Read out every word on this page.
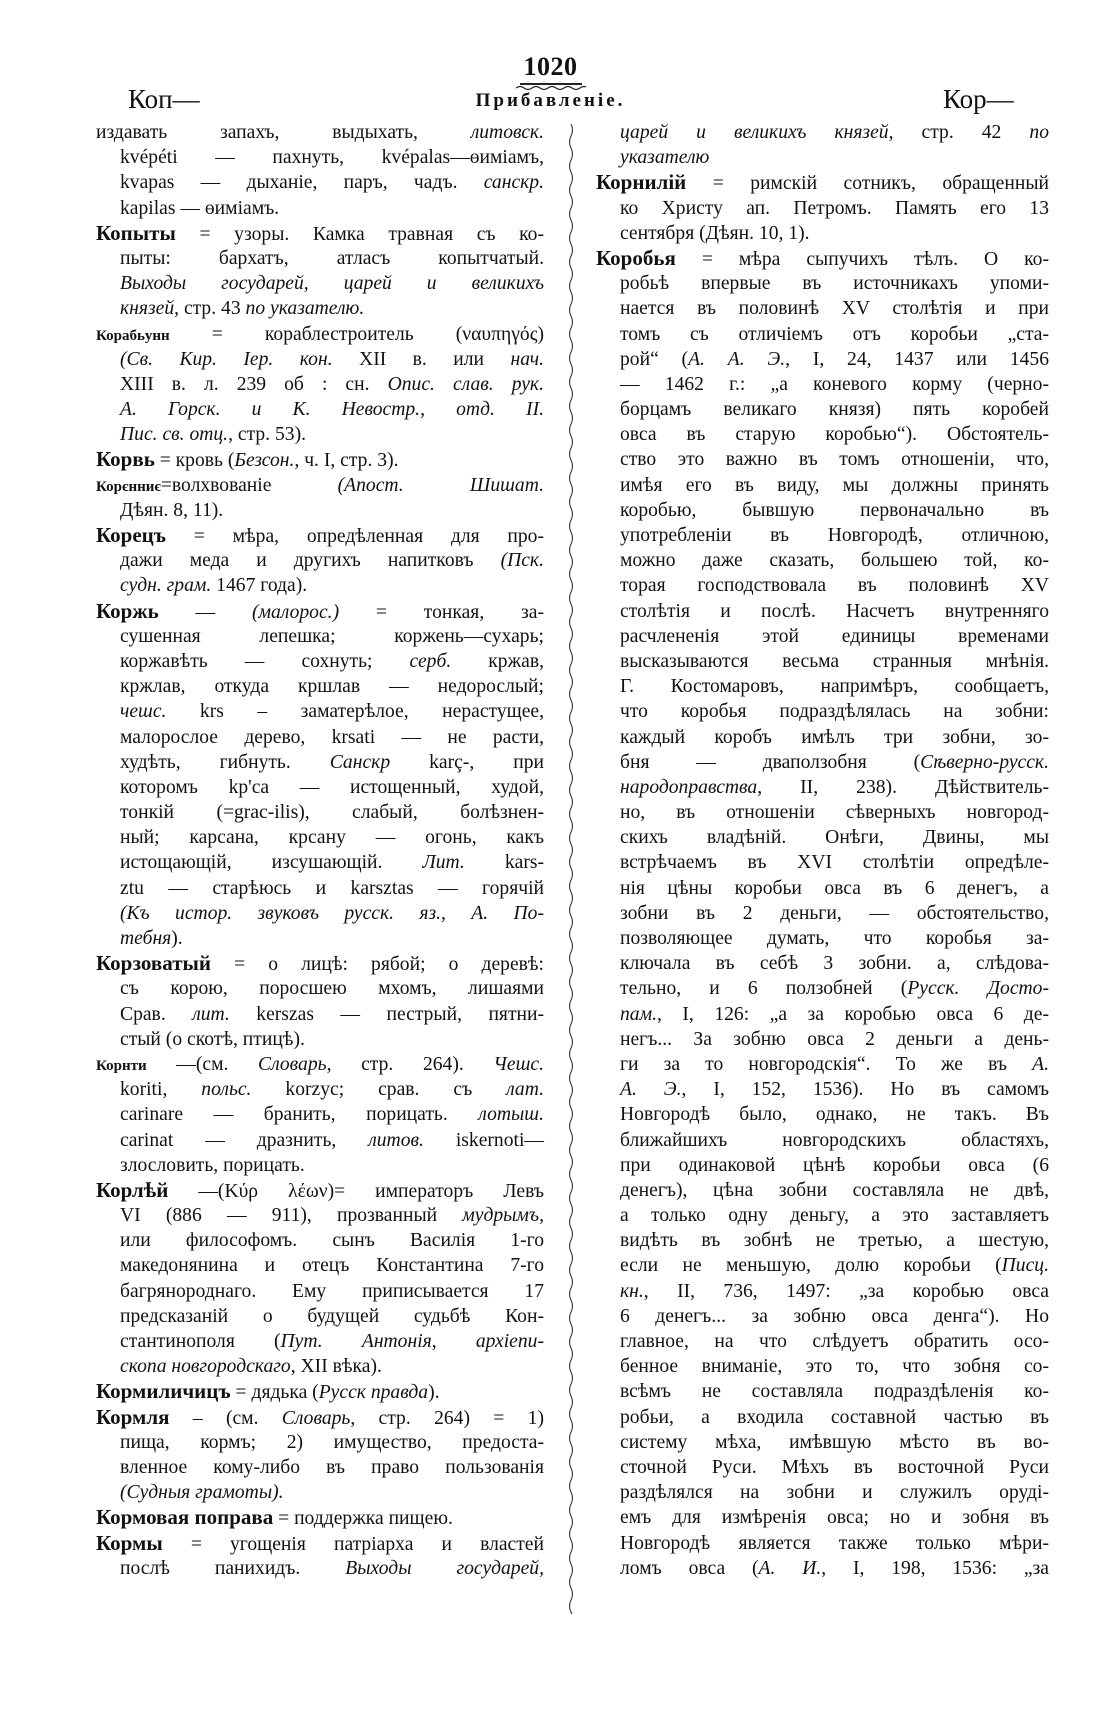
1020
Коп—	Прибавленіе.	Кор—
издавать запахъ, выдыхать, литовск.
kvépéti — пахнуть, kvépalas—өиміамъ,
kvapas — дыханіе, паръ, чадъ. санскр.
kapilas — өиміамъ.
Копыты = узоры. Камка травная съ ко-
пыты: бархатъ, атласъ копытчатый.
Выходы государей, царей и великихъ
князей, стр. 43 по указателю.
Корабьунн = кораблестроитель (ναυπηγός)
(Св. Кир. Іер. кон. XII в. или нач.
XIII в. л. 239 об : сн. Опис. слав. рук.
А. Горск. и К. Невостр., отд. II.
Пис. св. отц., стр. 53).
Корвь = кровь (Безсон., ч. I, стр. 3).
Корєнниє=волхвованіе (Апост. Шишат.
Дѣян. 8, 11).
Корецъ = мѣра, опредѣленная для про-
дажи меда и другихъ напитковъ (Пск.
судн. грам. 1467 года).
Коржь — (малорос.) = тонкая, за-
сушенная лепешка; коржень—сухарь;
коржавѣть — сохнуть; серб. кржав,
кржлав, откуда кршлав — недорослый;
чешс. krs – заматерѣлое, нерастущее,
малорослое дерево, krsati — не расти,
худѣть, гибнуть. Санскр karç-, при
которомъ kp'ca — истощенный, худой,
тонкій (=grac-ilis), слабый, болѣзнен-
ный; карсана, крсану — огонь, какъ
истощающій, изсушающій. Лит. kars-
ztu — старѣюсь и karsztas — горячій
(Къ истор. звуковъ русск. яз., А. По-
тебня).
Корзоватый = о лицѣ: рябой; о деревѣ:
съ корою, поросшею мхомъ, лишаями
Срав. лит. kerszas — пестрый, пятни-
стый (о скотѣ, птицѣ).
Корнти —(см. Словарь, стр. 264). Чешс.
koriti, польс. korzyc; срав. съ лат.
carinare — бранить, порицать. лотыш.
carinat — дразнить, литов. iskernoti—
злословить, порицать.
Корлѣй —(Κύρ λέων)= императоръ Левъ
VI (886 — 911), прозванный мудрымъ,
или философомъ. сынъ Василія 1-го
македонянина и отецъ Константина 7-го
багрянороднаго. Ему приписывается 17
предсказаній о будущей судьбѣ Кон-
стантинополя (Пут. Антонія, архіепи-
скопа новгородскаго, XII вѣка).
Кормиличицъ = дядька (Русск правда).
Кормля – (см. Словарь, стр. 264) = 1)
пища, кормъ; 2) имущество, предоста-
вленное кому-либо въ право пользованія
(Судныя грамоты).
Кормовая поправа = поддержка пищею.
Кормы = угощенія патріарха и властей
послѣ панихидъ. Выходы государей,
царей и великихъ князей, стр. 42 по
указателю
Корнилій = римскій сотникъ, обращенный
ко Христу ап. Петромъ. Память его 13
сентября (Дѣян. 10, 1).
Коробья = мѣра сыпучихъ тѣлъ. О ко-
робьѣ впервые въ источникахъ упоми-
нается въ половинѣ XV столѣтія и при
томъ съ отличіемъ отъ коробьи „ста-
рой“ (А. А. Э., I, 24, 1437 или 1456
— 1462 г.: „а коневого корму (черно-
борцамъ великаго князя) пять коробей
овса въ старую коробью“). Обстоятель-
ство это важно въ томъ отношеніи, что,
имѣя его въ виду, мы должны принять
коробью, бывшую первоначально въ
употребленіи въ Новгородѣ, отличною,
можно даже сказать, большею той, ко-
торая господствовала въ половинѣ XV
столѣтія и послѣ. Насчетъ внутренняго
расчлененія этой единицы временами
высказываются весьма странныя мнѣнія.
Г. Костомаровъ, напримѣръ, сообщаетъ,
что коробья подраздѣлялась на зобни:
каждый коробъ имѣлъ три зобни, зо-
бня — дваползобня (Сѣверно-русск.
народоправства, II, 238). Дѣйствитель-
но, въ отношеніи сѣверныхъ новгород-
скихъ владѣній. Онѣги, Двины, мы
встрѣчаемъ въ XVI столѣтіи опредѣле-
нія цѣны коробьи овса въ 6 денегъ, а
зобни въ 2 деньги, — обстоятельство,
позволяющее думать, что коробья за-
ключала въ себѣ 3 зобни. а, слѣдова-
тельно, и 6 ползобней (Русск. Досто-
пам., I, 126: „а за коробью овса 6 де-
негъ... За зобню овса 2 деньги а день-
ги за то новгородскія“. То же въ А.
А. Э., I, 152, 1536). Но въ самомъ
Новгородѣ было, однако, не такъ. Въ
ближайшихъ новгородскихъ областяхъ,
при одинаковой цѣнѣ коробьи овса (6
денегъ), цѣна зобни составляла не двѣ,
а только одну деньгу, а это заставляетъ
видѣть въ зобнѣ не третью, а шестую,
если не меньшую, долю коробьи (Писц.
кн., II, 736, 1497: „за коробью овса
6 денегъ... за зобню овса денга“). Но
главное, на что слѣдуетъ обратить осо-
бенное вниманіе, это то, что зобня со-
всѣмъ не составляла подраздѣленія ко-
робьи, а входила составной частью въ
систему мѣха, имѣвшую мѣсто въ во-
сточной Руси. Мѣхъ въ восточной Руси
раздѣлялся на зобни и служилъ оруді-
емъ для измѣренія овса; но и зобня въ
Новгородѣ является также только мѣри-
ломъ овса (А. И., I, 198, 1536: „за
